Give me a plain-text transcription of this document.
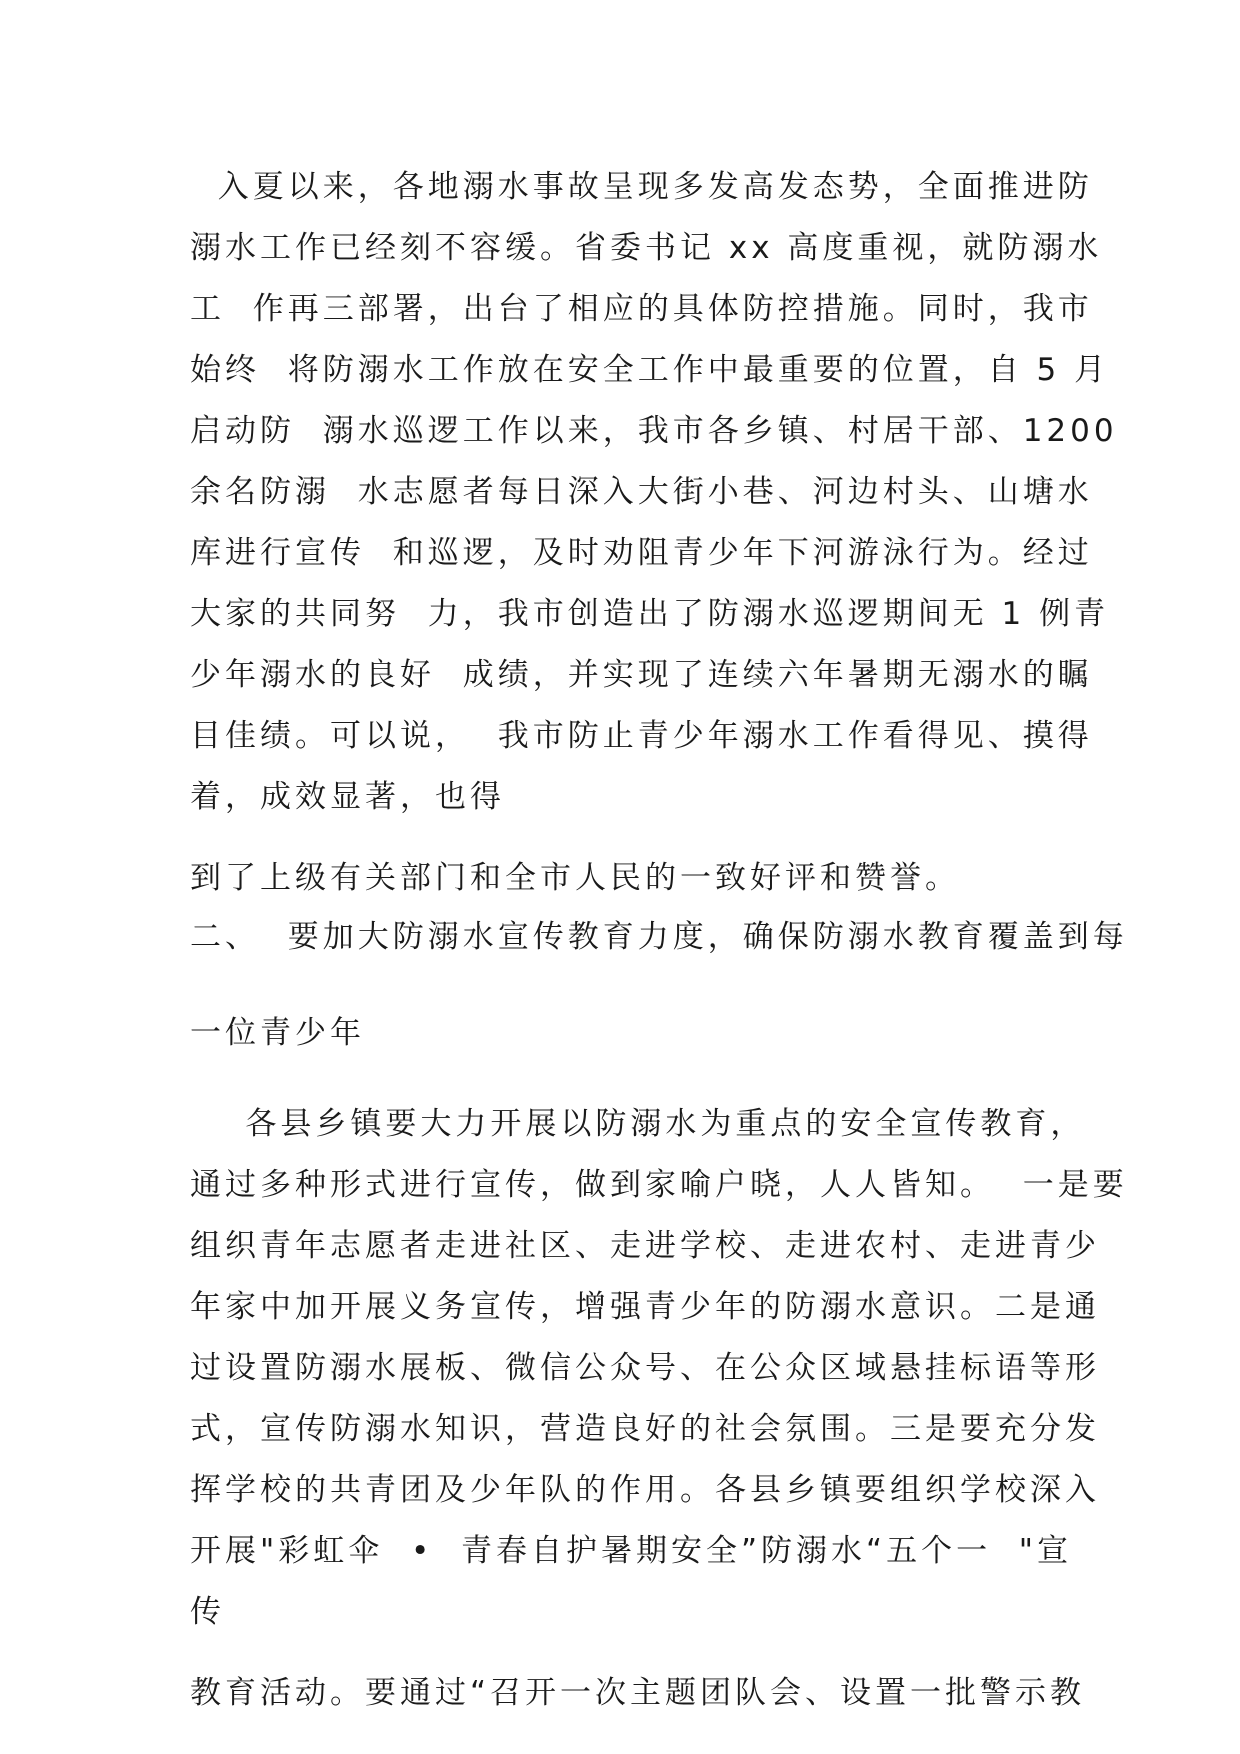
入夏以来，各地溺水事故呈现多发高发态势，全面推进防

溺水工作已经刻不容缓。省委书记 xx 高度重视，就防溺水

工  作再三部署，出台了相应的具体防控措施。同时，我市

始终  将防溺水工作放在安全工作中最重要的位置，自 5 月

启动防  溺水巡逻工作以来，我市各乡镇、村居干部、1200

余名防溺  水志愿者每日深入大街小巷、河边村头、山塘水

库进行宣传  和巡逻，及时劝阻青少年下河游泳行为。经过

大家的共同努  力，我市创造出了防溺水巡逻期间无 1 例青

少年溺水的良好  成绩，并实现了连续六年暑期无溺水的瞩

目佳绩。可以说，  我市防止青少年溺水工作看得见、摸得

着，成效显著，也得

到了上级有关部门和全市人民的一致好评和赞誉。

二、  要加大防溺水宣传教育力度，确保防溺水教育覆盖到每

一位青少年

各县乡镇要大力开展以防溺水为重点的安全宣传教育，

通过多种形式进行宣传，做到家喻户晓，人人皆知。  一是要

组织青年志愿者走进社区、走进学校、走进农村、走进青少

年家中加开展义务宣传，增强青少年的防溺水意识。二是通

过设置防溺水展板、微信公众号、在公众区域悬挂标语等形

式，宣传防溺水知识，营造良好的社会氛围。三是要充分发

挥学校的共青团及少年队的作用。各县乡镇要组织学校深入

开展"彩虹伞  •  青春自护暑期安全”防溺水“五个一  "宣

传

教育活动。要通过“召开一次主题团队会、设置一批警示教
